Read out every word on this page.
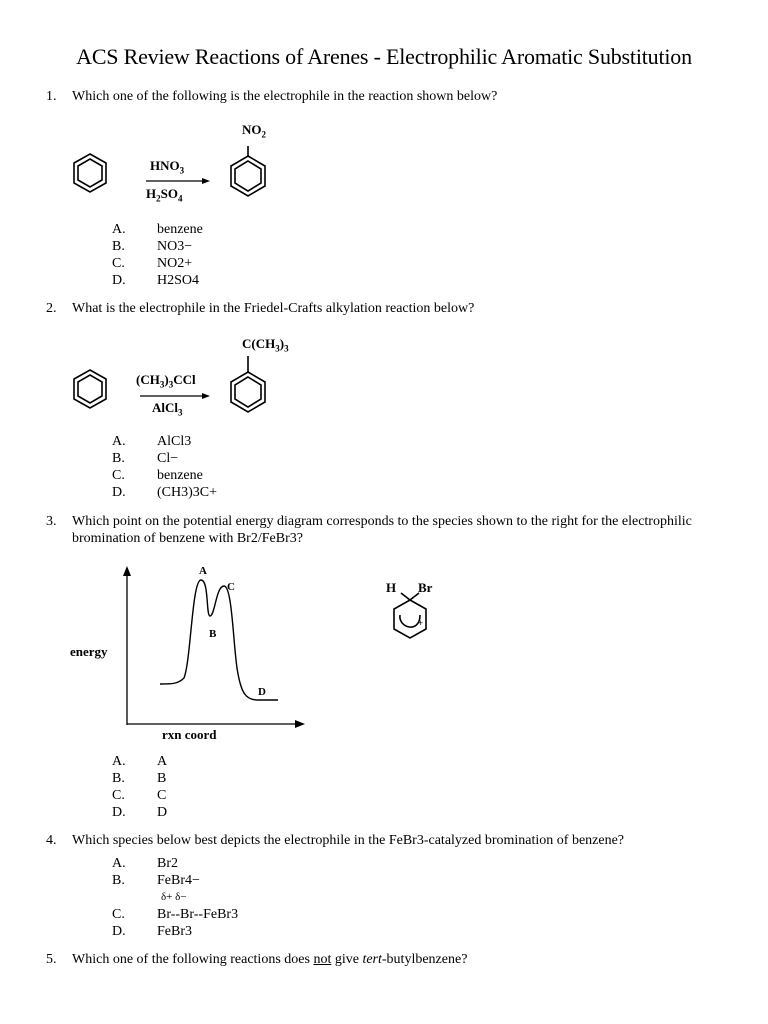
ACS Review Reactions of Arenes - Electrophilic Aromatic Substitution
1. Which one of the following is the electrophile in the reaction shown below?
$HNO_3$
$H_2SO_4$
$NO_2$
A.	benzene
B.	NO3−
C.	NO2+
D.	H2SO4
2. What is the electrophile in the Friedel-Crafts alkylation reaction below?
$(CH_3)_3CCl$
AlCl$_3$
$C(CH_3)_3$
A.	AlCl3
B.	Cl−
C.	benzene
D.	(CH3)3C+
3. Which point on the potential energy diagram corresponds to the species shown to the right for the electrophilic bromination of benzene with Br2/FeBr3?
energy
rxn coord
A
B
C
D
H Br
+
A.	A
B.	B
C.	C
D.	D
4. Which species below best depicts the electrophile in the FeBr3-catalyzed bromination of benzene?
A.	Br2
B.	FeBr4−
δ+ δ−
C.	Br--Br--FeBr3
D.	FeBr3
5. Which one of the following reactions does not give tert-butylbenzene?
